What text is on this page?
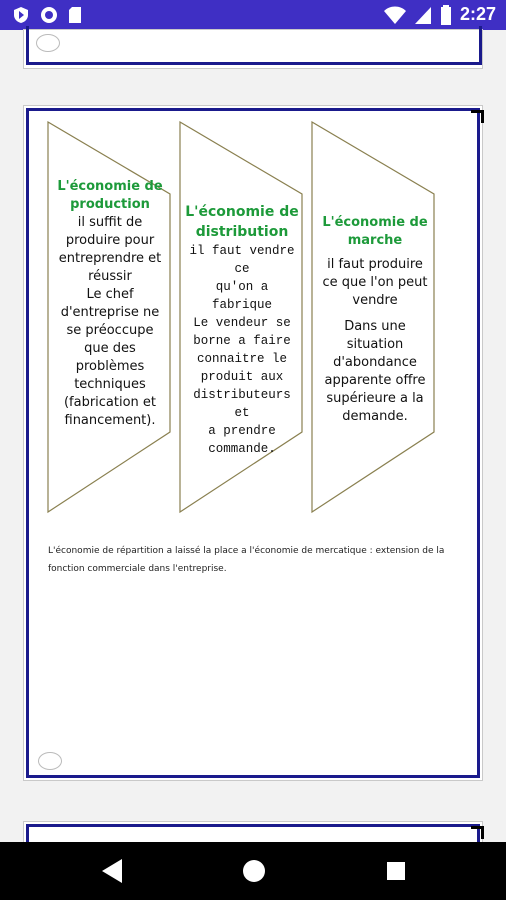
2:27
L'économie de production
il suffit de
produire pour
entreprendre et
réussir
Le chef
d'entreprise ne
se préoccupe
que des
problèmes
techniques
(fabrication et
financement).
L'économie de distribution
il faut vendre ce
qu'on a fabrique
Le vendeur se
borne a faire
connaitre le
produit aux
distributeurs et
a prendre
commande.
L'économie de marche
il faut produire
ce que l'on peut
vendre
Dans une
situation
d'abondance
apparente offre
supérieure a la
demande.
L'économie de répartition a laissé la place a l'économie de mercatique : extension de la fonction commerciale dans l'entreprise.
